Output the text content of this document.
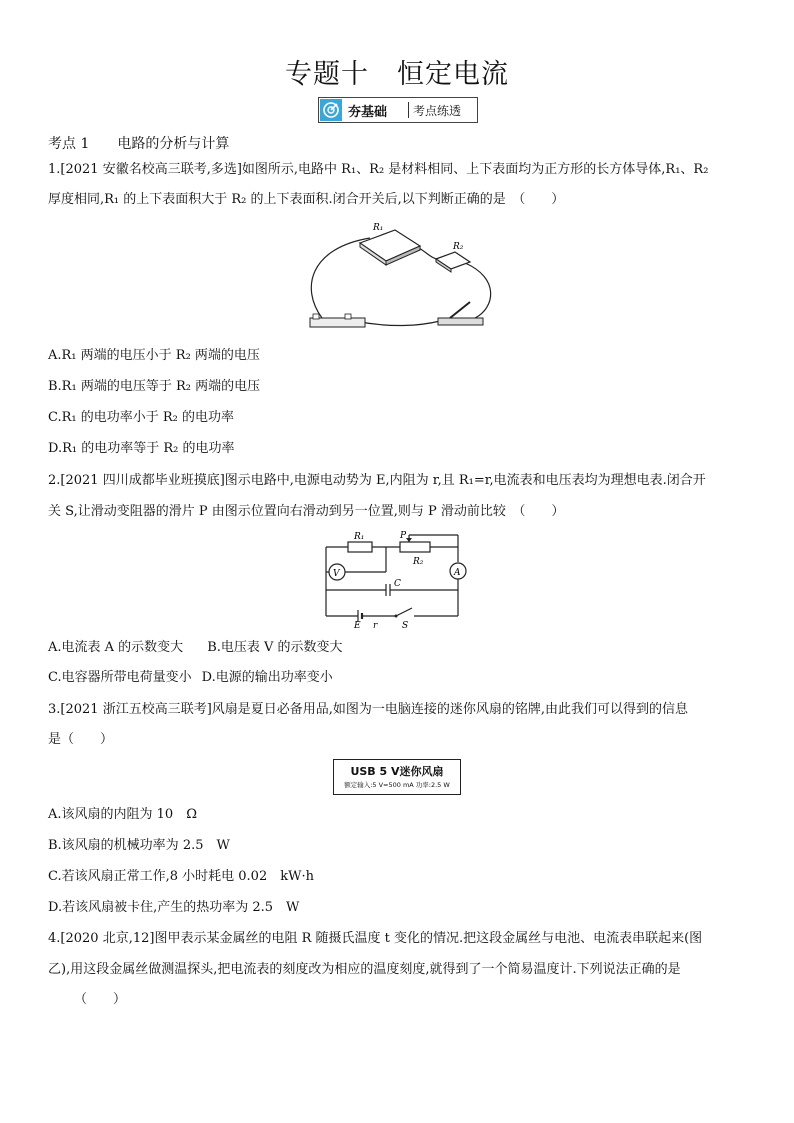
专题十　恒定电流
夯基础	考点练透
考点 1　　电路的分析与计算
1.[2021 安徽名校高三联考,多选]如图所示,电路中 R₁、R₂ 是材料相同、上下表面均为正方形的长方体导体,R₁、R₂
厚度相同,R₁ 的上下表面积大于 R₂ 的上下表面积.闭合开关后,以下判断正确的是　（　　）
R₁
R₂
A.R₁ 两端的电压小于 R₂ 两端的电压
B.R₁ 两端的电压等于 R₂ 两端的电压
C.R₁ 的电功率小于 R₂ 的电功率
D.R₁ 的电功率等于 R₂ 的电功率
2.[2021 四川成都毕业班摸底]图示电路中,电源电动势为 E,内阻为 r,且 R₁=r,电流表和电压表均为理想电表.闭合开
关 S,让滑动变阻器的滑片 P 由图示位置向右滑动到另一位置,则与 P 滑动前比较　（　　）
R₁	P
R₂
V	A
C
E r	S
A.电流表 A 的示数变大 B.电压表 V 的示数变大
C.电容器所带电荷量变小 D.电源的输出功率变小
3.[2021 浙江五校高三联考]风扇是夏日必备用品,如图为一电脑连接的迷你风扇的铭牌,由此我们可以得到的信息
是（　　）
USB 5 V迷你风扇
额定输入:5 V=500 mA 功率:2.5 W
A.该风扇的内阻为 10　Ω
B.该风扇的机械功率为 2.5　W
C.若该风扇正常工作,8 小时耗电 0.02　kW·h
D.若该风扇被卡住,产生的热功率为 2.5　W
4.[2020 北京,12]图甲表示某金属丝的电阻 R 随摄氏温度 t 变化的情况.把这段金属丝与电池、电流表串联起来(图
乙),用这段金属丝做测温探头,把电流表的刻度改为相应的温度刻度,就得到了一个简易温度计.下列说法正确的是
（　　）
